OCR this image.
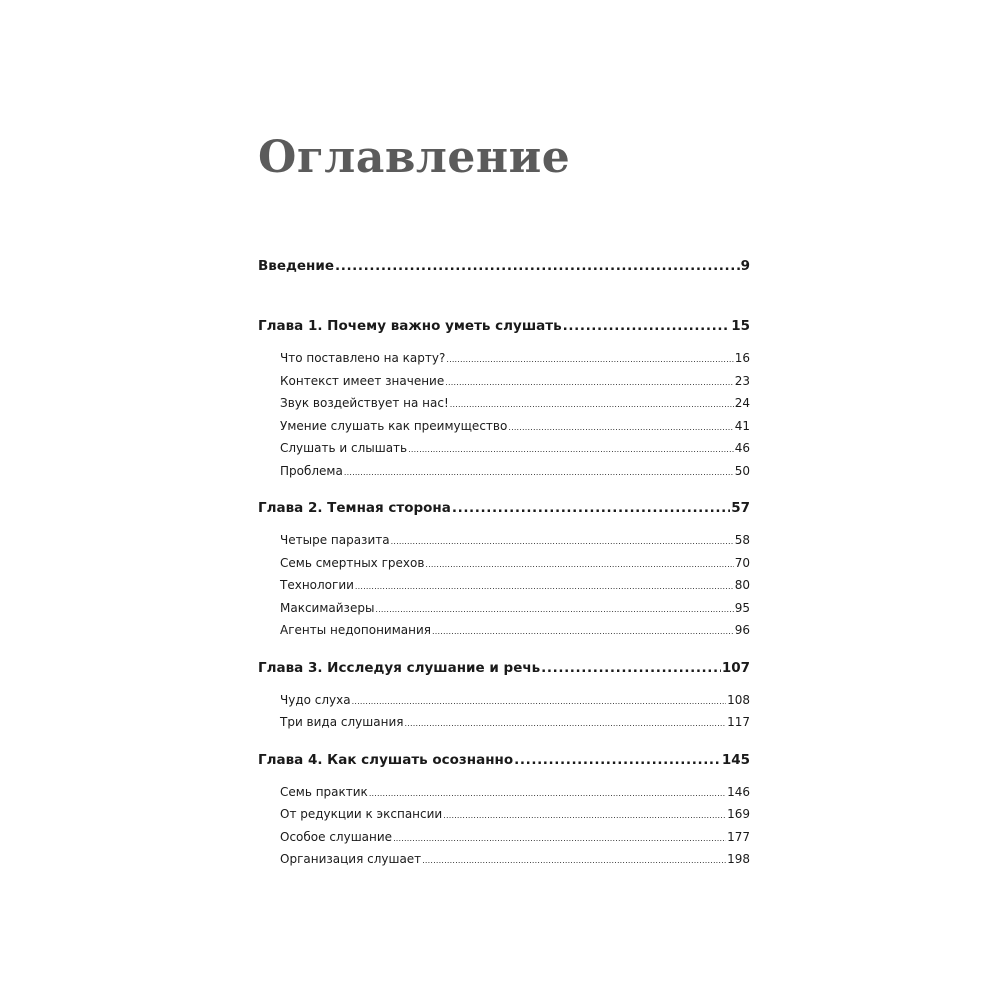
Оглавление
Введение .....	9
Глава 1. Почему важно уметь слушать .....	15
Что поставлено на карту? .....	16
Контекст имеет значение .....	23
Звук воздействует на нас! .....	24
Умение слушать как преимущество .....	41
Слушать и слышать .....	46
Проблема .....	50
Глава 2. Темная сторона .....	57
Четыре паразита .....	58
Семь смертных грехов .....	70
Технологии .....	80
Максимайзеры .....	95
Агенты недопонимания .....	96
Глава 3. Исследуя слушание и речь .....	107
Чудо слуха .....	108
Три вида слушания .....	117
Глава 4. Как слушать осознанно .....	145
Семь практик .....	146
От редукции к экспансии .....	169
Особое слушание .....	177
Организация слушает .....	198
